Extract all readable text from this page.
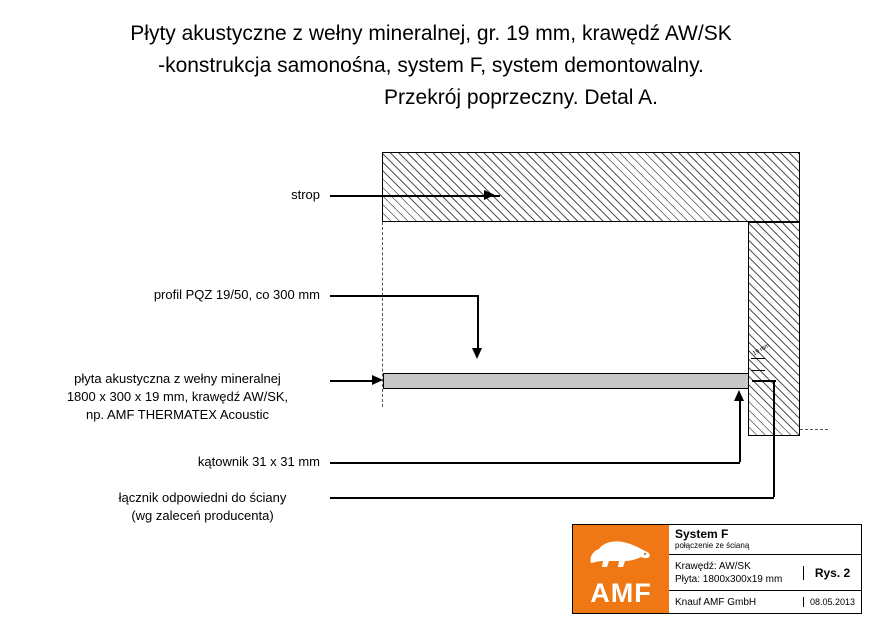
Płyty akustyczne z wełny mineralnej, gr. 19 mm, krawędź AW/SK
-konstrukcja samonośna, system F, system demontowalny.
Przekrój poprzeczny. Detal A.
19 mm
strop
profil PQZ 19/50, co 300 mm
płyta akustyczna z wełny mineralnej
1800 x 300 x 19 mm, krawędź AW/SK,
np. AMF THERMATEX Acoustic
kątownik 31 x 31 mm
łącznik odpowiedni do ściany
(wg zaleceń producenta)
AMF
System F
połączenie ze ścianą
Krawędź: AW/SK
Płyta: 1800x300x19 mm	Rys. 2
Knauf AMF GmbH	08.05.2013
